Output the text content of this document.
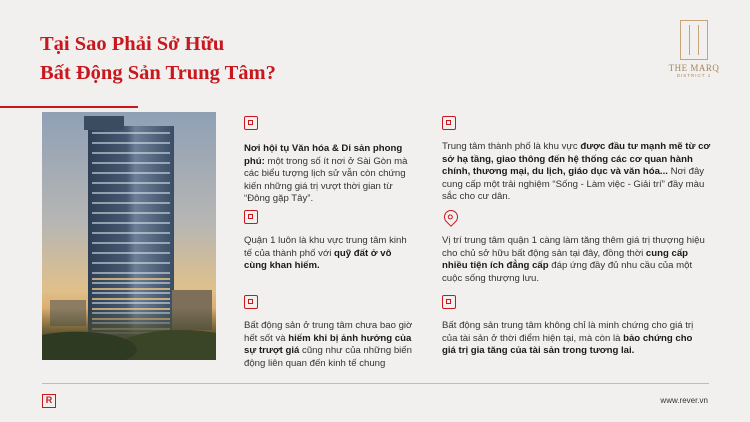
Tại Sao Phải Sở Hữu
Bất Động Sản Trung Tâm?	THE MARQ
DISTRICT 1
Nơi hội tụ Văn hóa & Di sản phong phú: một trong số ít nơi ở Sài Gòn mà các biểu tượng lịch sử vẫn còn chứng kiến những giá trị vượt thời gian từ “Đông gặp Tây”.
Quận 1 luôn là khu vực trung tâm kinh tế của thành phố với quỹ đất ở vô cùng khan hiếm.
Bất động sản ở trung tâm chưa bao giờ hết sốt và hiếm khi bị ảnh hưởng của sự trượt giá cũng như của những biến động liên quan đến kinh tế chung
Trung tâm thành phố là khu vực được đầu tư mạnh mẽ từ cơ sở hạ tầng, giao thông đến hệ thống các cơ quan hành chính, thương mại, du lịch, giáo dục và văn hóa... Nơi đây cung cấp một trải nghiệm “Sống - Làm việc - Giải trí” đầy màu sắc cho cư dân.
Vị trí trung tâm quận 1 càng làm tăng thêm giá trị thượng hiệu cho chủ sở hữu bất động sản tại đây, đồng thời cung cấp nhiều tiện ích đẳng cấp đáp ứng đầy đủ nhu cầu của một cuộc sống thượng lưu.
Bất động sản trung tâm không chỉ là minh chứng cho giá trị của tài sản ở thời điểm hiện tại, mà còn là bảo chứng cho giá trị gia tăng của tài sản trong tương lai.
R	www.rever.vn
